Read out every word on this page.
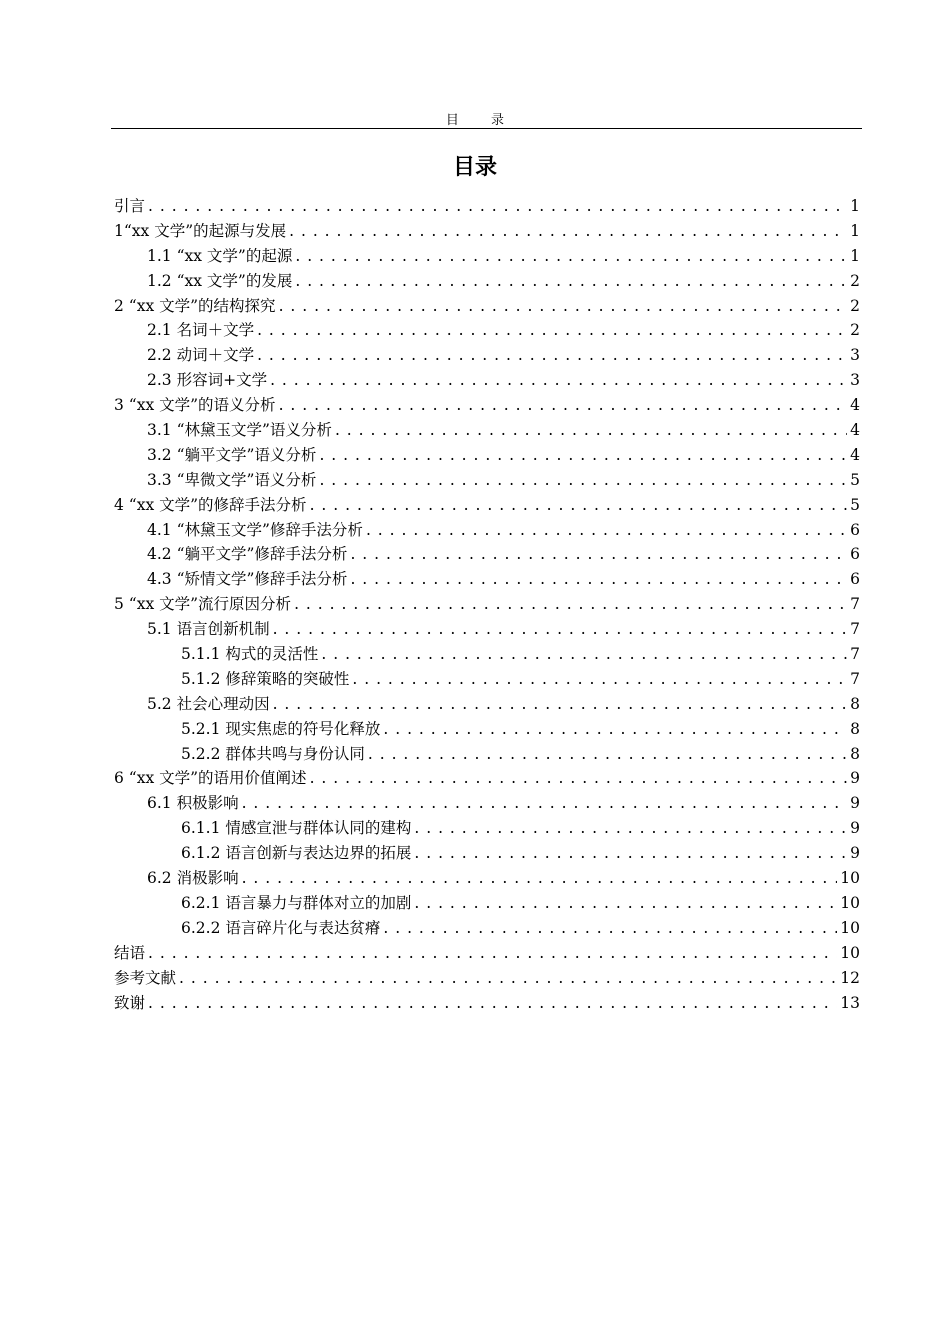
目 录
目录
引言 . . .	1
1“xx 文学”的起源与发展 . . .	1
1.1 “xx 文学”的起源 . . .	1
1.2 “xx 文学”的发展 . . .	2
2 “xx 文学”的结构探究 . . .	2
2.1 名词＋文学 . . .	2
2.2 动词＋文学 . . .	3
2.3 形容词+文学 . . .	3
3 “xx 文学”的语义分析 . . .	4
3.1 “林黛玉文学”语义分析 . . .	4
3.2 “躺平文学”语义分析 . . .	4
3.3 “卑微文学”语义分析 . . .	5
4 “xx 文学”的修辞手法分析 . . .	5
4.1 “林黛玉文学”修辞手法分析 . . .	6
4.2 “躺平文学”修辞手法分析 . . .	6
4.3 “矫情文学”修辞手法分析 . . .	6
5 “xx 文学”流行原因分析 . . .	7
5.1 语言创新机制 . . .	7
5.1.1 构式的灵活性 . . .	7
5.1.2 修辞策略的突破性 . . .	7
5.2 社会心理动因 . . .	8
5.2.1 现实焦虑的符号化释放 . . .	8
5.2.2 群体共鸣与身份认同 . . .	8
6 “xx 文学”的语用价值阐述 . . .	9
6.1 积极影响 . . .	9
6.1.1 情感宣泄与群体认同的建构 . . .	9
6.1.2 语言创新与表达边界的拓展 . . .	9
6.2 消极影响 . . .	10
6.2.1 语言暴力与群体对立的加剧 . . .	10
6.2.2 语言碎片化与表达贫瘠 . . .	10
结语 . . .	10
参考文献 . . .	12
致谢 . . .	13
